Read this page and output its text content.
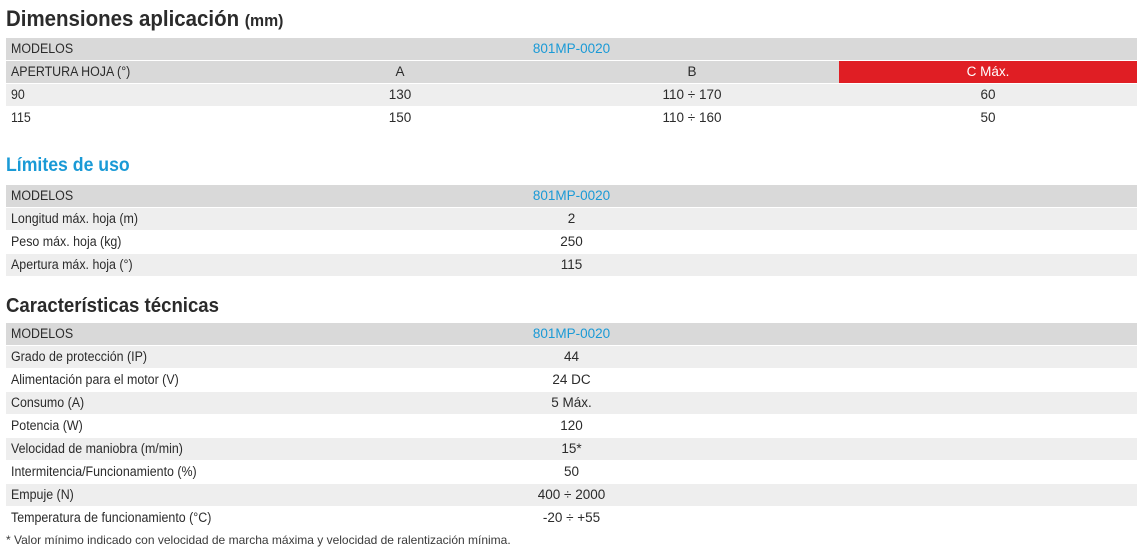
Dimensiones aplicación (mm)
MODELOS	801MP-0020
APERTURA HOJA (°)	A	B	C Máx.
90	130	110 ÷ 170	60
115	150	110 ÷ 160	50
Límites de uso
MODELOS	801MP-0020
Longitud máx. hoja (m)	2
Peso máx. hoja (kg)	250
Apertura máx. hoja (°)	115
Características técnicas
MODELOS	801MP-0020
Grado de protección (IP)	44
Alimentación para el motor (V)	24 DC
Consumo (A)	5 Máx.
Potencia (W)	120
Velocidad de maniobra (m/min)	15*
Intermitencia/Funcionamiento (%)	50
Empuje (N)	400 ÷ 2000
Temperatura de funcionamiento (°C)	-20 ÷ +55
* Valor mínimo indicado con velocidad de marcha máxima y velocidad de ralentización mínima.
